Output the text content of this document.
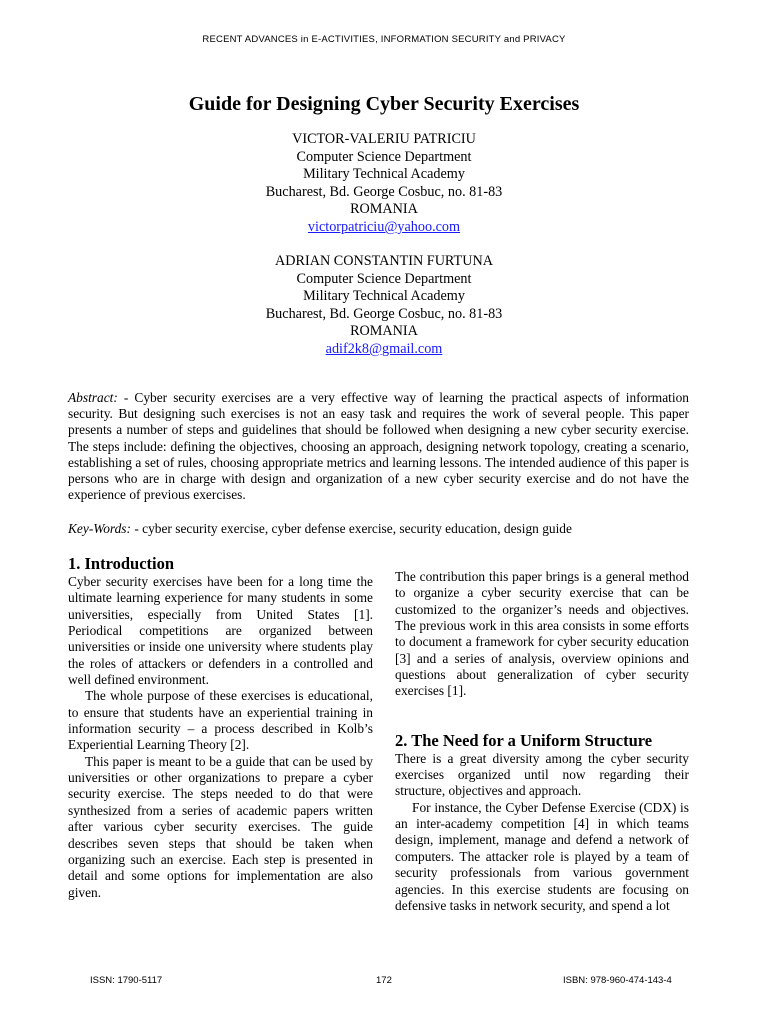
RECENT ADVANCES in E-ACTIVITIES, INFORMATION SECURITY and PRIVACY
Guide for Designing Cyber Security Exercises
VICTOR-VALERIU PATRICIU
Computer Science Department
Military Technical Academy
Bucharest, Bd. George Cosbuc, no. 81-83
ROMANIA
victorpatriciu@yahoo.com
ADRIAN CONSTANTIN FURTUNA
Computer Science Department
Military Technical Academy
Bucharest, Bd. George Cosbuc, no. 81-83
ROMANIA
adif2k8@gmail.com
Abstract: - Cyber security exercises are a very effective way of learning the practical aspects of information security. But designing such exercises is not an easy task and requires the work of several people. This paper presents a number of steps and guidelines that should be followed when designing a new cyber security exercise. The steps include: defining the objectives, choosing an approach, designing network topology, creating a scenario, establishing a set of rules, choosing appropriate metrics and learning lessons. The intended audience of this paper is persons who are in charge with design and organization of a new cyber security exercise and do not have the experience of previous exercises.
Key-Words: - cyber security exercise, cyber defense exercise, security education, design guide
1. Introduction

Cyber security exercises have been for a long time the ultimate learning experience for many students in some universities, especially from United States [1]. Periodical competitions are organized between universities or inside one university where students play the roles of attackers or defenders in a controlled and well defined environment.

The whole purpose of these exercises is educational, to ensure that students have an experiential training in information security – a process described in Kolb’s Experiential Learning Theory [2].

This paper is meant to be a guide that can be used by universities or other organizations to prepare a cyber security exercise. The steps needed to do that were synthesized from a series of academic papers written after various cyber security exercises. The guide describes seven steps that should be taken when organizing such an exercise. Each step is presented in detail and some options for implementation are also given.

The contribution this paper brings is a general method to organize a cyber security exercise that can be customized to the organizer’s needs and objectives. The previous work in this area consists in some efforts to document a framework for cyber security education [3] and a series of analysis, overview opinions and questions about generalization of cyber security exercises [1].

2. The Need for a Uniform Structure

There is a great diversity among the cyber security exercises organized until now regarding their structure, objectives and approach.

For instance, the Cyber Defense Exercise (CDX) is an inter-academy competition [4] in which teams design, implement, manage and defend a network of computers. The attacker role is played by a team of security professionals from various government agencies. In this exercise students are focusing on defensive tasks in network security, and spend a lot

ISSN: 1790-5117	172	ISBN: 978-960-474-143-4
